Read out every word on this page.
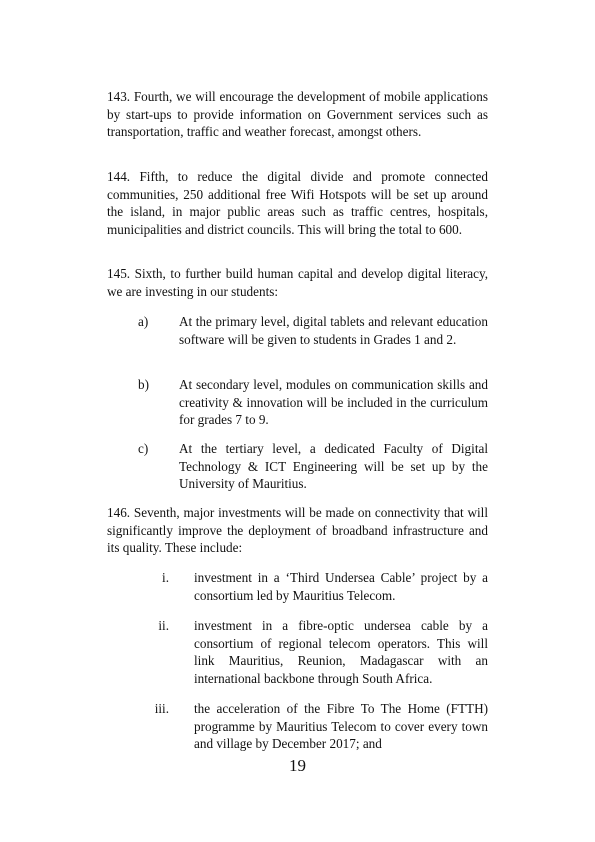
143. Fourth, we will encourage the development of mobile applications by start-ups to provide information on Government services such as transportation, traffic and weather forecast, amongst others.

144. Fifth, to reduce the digital divide and promote connected communities, 250 additional free Wifi Hotspots will be set up around the island, in major public areas such as traffic centres, hospitals, municipalities and district councils. This will bring the total to 600.

145. Sixth, to further build human capital and develop digital literacy, we are investing in our students:

a) At the primary level, digital tablets and relevant education software will be given to students in Grades 1 and 2.
b) At secondary level, modules on communication skills and creativity & innovation will be included in the curriculum for grades 7 to 9.
c) At the tertiary level, a dedicated Faculty of Digital Technology & ICT Engineering will be set up by the University of Mauritius.

146. Seventh, major investments will be made on connectivity that will significantly improve the deployment of broadband infrastructure and its quality. These include:

i. investment in a ‘Third Undersea Cable’ project by a consortium led by Mauritius Telecom.
ii. investment in a fibre-optic undersea cable by a consortium of regional telecom operators. This will link Mauritius, Reunion, Madagascar with an international backbone through South Africa.
iii. the acceleration of the Fibre To The Home (FTTH) programme by Mauritius Telecom to cover every town and village by December 2017; and
19
